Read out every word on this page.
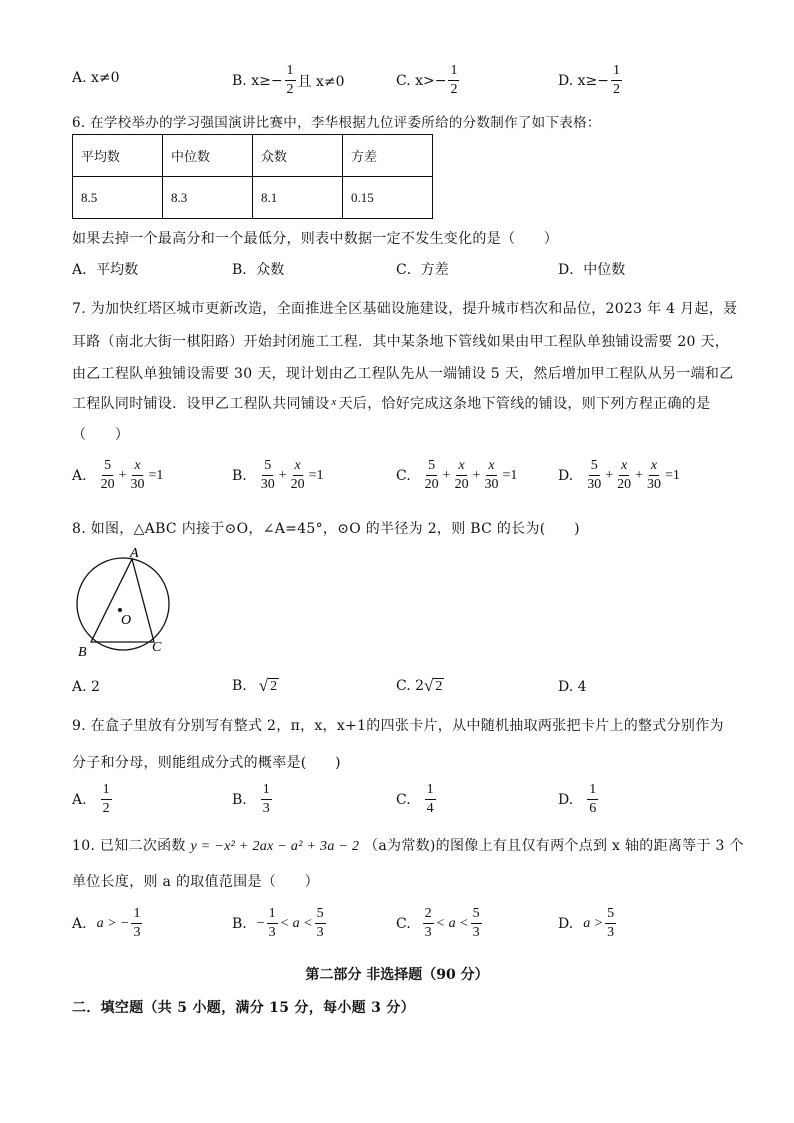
A. x≠0	B. $x\ge- \frac{1}{2}$ 且 x≠0	C. $x>- \frac{1}{2}$	D. $x\ge- \frac{1}{2}$
6. 在学校举办的学习强国演讲比赛中，李华根据九位评委所给的分数制作了如下表格：
平均数	中位数	众数	方差
8.5	8.3	8.1	0.15
如果去掉一个最高分和一个最低分，则表中数据一定不发生变化的是（　　）
A．平均数	B．众数	C．方差	D．中位数
7. 为加快红塔区城市更新改造，全面推进全区基础设施建设，提升城市档次和品位，2023 年 4 月起，聂
耳路（南北大街一棋阳路）开始封闭施工工程．其中某条地下管线如果由甲工程队单独铺设需要 20 天，
由乙工程队单独铺设需要 30 天，现计划由乙工程队先从一端铺设 5 天，然后增加甲工程队从另一端和乙
工程队同时铺设．设甲乙工程队共同铺设 $^x$ 天后，恰好完成这条地下管线的铺设，则下列方程正确的是
（　　）
A. $\frac{5}{20} + \frac{x}{30} =1$	B. $\frac{5}{30} + \frac{x}{20} =1$	C. $\frac{5}{20} + \frac{x}{20} + \frac{x}{30} =1$	D. $\frac{5}{30} + \frac{x}{20} + \frac{x}{30} =1$
8. 如图，△ABC 内接于⊙O，∠A=45°，⊙O 的半径为 2，则 BC 的长为(　　)
A
B	C
O
A. 2	B. √ 2	C. 2 √ 2	D. 4
9. 在盒子里放有分别写有整式 2，π，x，x+1的四张卡片，从中随机抽取两张把卡片上的整式分别作为
分子和分母，则能组成分式的概率是(　　)
A. $\frac{1}{2}$	B. $\frac{1}{3}$	C. $\frac{1}{4}$	D. $\frac{1}{6}$
10. 已知二次函数 y = −x² + 2ax − a² + 3a − 2 （a为常数)的图像上有且仅有两个点到 x 轴的距离等于 3 个
单位长度，则 a 的取值范围是（　　）
A. a > − $\frac{1}{3}$	B. − $\frac{1}{3} < a < \frac{5}{3}$	C. $\frac{2}{3} < a < \frac{5}{3}$	D. $a > \frac{5}{3}$
第二部分 非选择题（90 分）
二．填空题（共 5 小题，满分 15 分，每小题 3 分）
